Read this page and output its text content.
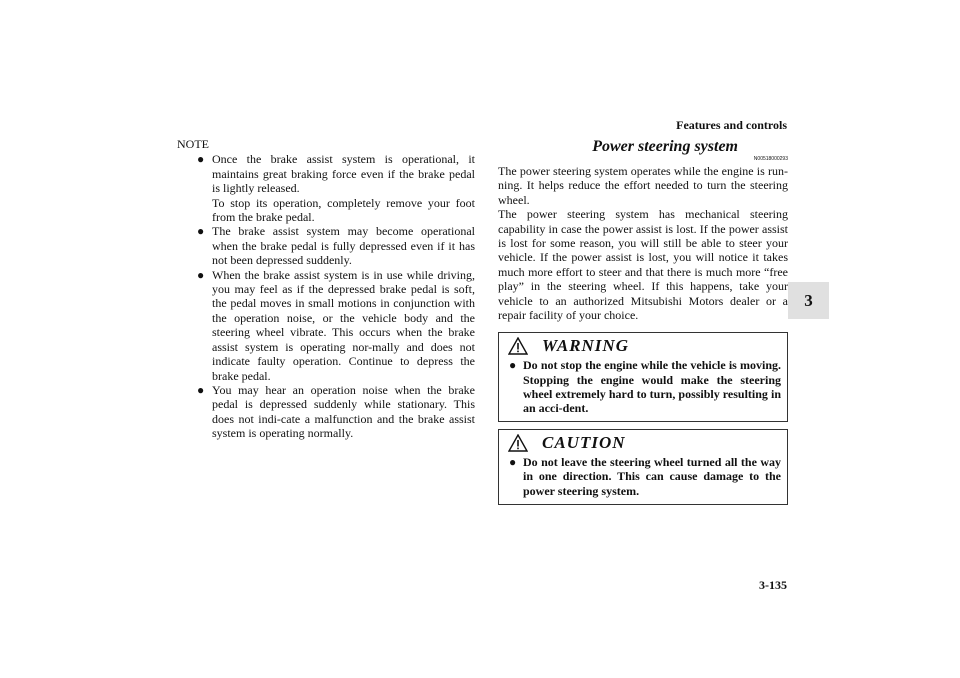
Features and controls
3
NOTE
● Once the brake assist system is operational, it maintains great braking force even if the brake pedal is lightly released.

To stop its operation, completely remove your foot from the brake pedal.

● The brake assist system may become operational when the brake pedal is fully depressed even if it has not been depressed suddenly.

● When the brake assist system is in use while driving, you may feel as if the depressed brake pedal is soft, the pedal moves in small motions in conjunction with the operation noise, or the vehicle body and the steering wheel vibrate. This occurs when the brake assist system is operating nor-mally and does not indicate faulty operation. Continue to depress the brake pedal.

● You may hear an operation noise when the brake pedal is depressed suddenly while stationary. This does not indi-cate a malfunction and the brake assist system is operating normally.

Power steering system
N00518000293

The power steering system operates while the engine is run-ning. It helps reduce the effort needed to turn the steering wheel.

The power steering system has mechanical steering capability in case the power assist is lost. If the power assist is lost for some reason, you will still be able to steer your vehicle. If the power assist is lost, you will notice it takes much more effort to steer and that there is much more “free play” in the steering wheel. If this happens, take your vehicle to an authorized Mitsubishi Motors dealer or a repair facility of your choice.

WARNING
● Do not stop the engine while the vehicle is moving. Stopping the engine would make the steering wheel extremely hard to turn, possibly resulting in an acci-dent.
CAUTION
● Do not leave the steering wheel turned all the way in one direction. This can cause damage to the power steering system.
3-135
